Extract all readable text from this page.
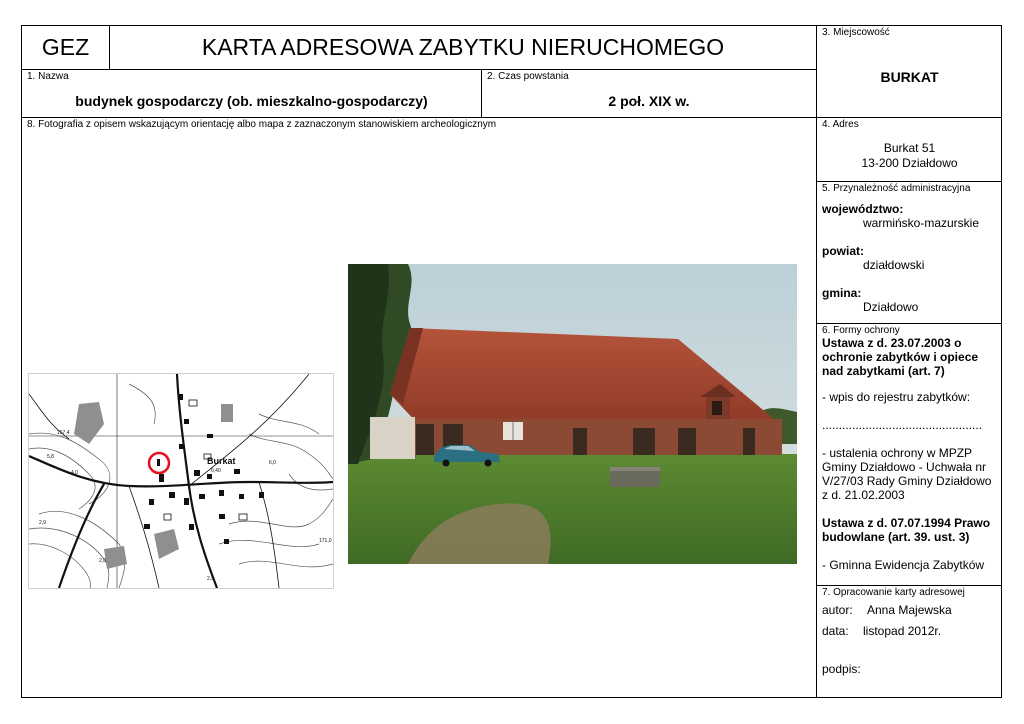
GEZ	KARTA ADRESOWA ZABYTKU NIERUCHOMEGO
3. Miejscowość
BURKAT
1. Nazwa
budynek gospodarczy (ob. mieszkalno-gospodarczy)
2. Czas powstania
2 poł. XIX w.
8. Fotografia z opisem wskazującym orientację albo mapa z zaznaczonym stanowiskiem archeologicznym
Burkat
157,4
5,8
4,0	0,40
6,0
2,0
171,0
2,9
2,5
4. Adres
Burkat 51
13-200 Działdowo
5. Przynależność administracyjna
województwo:
warmińsko-mazurskie
powiat:
działdowski
gmina:
Działdowo
6. Formy ochrony
Ustawa z d. 23.07.2003 o ochronie zabytków i opiece nad zabytkami (art. 7)
- wpis do rejestru zabytków:
................................................
- ustalenia ochrony w MPZP Gminy Działdowo - Uchwała nr V/27/03 Rady Gminy Działdowo z d. 21.02.2003
Ustawa z d. 07.07.1994 Prawo budowlane (art. 39. ust. 3)
- Gminna Ewidencja Zabytków
7. Opracowanie karty adresowej
autor:	Anna Majewska
data:	listopad 2012r.
podpis:
